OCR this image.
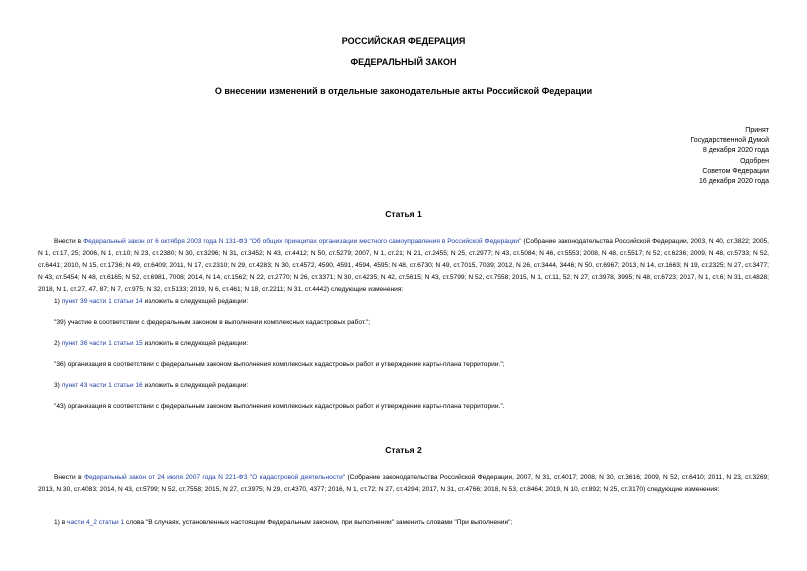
РОССИЙСКАЯ ФЕДЕРАЦИЯ
ФЕДЕРАЛЬНЫЙ ЗАКОН
О внесении изменений в отдельные законодательные акты Российской Федерации
Принят
Государственной Думой
8 декабря 2020 года
Одобрен
Советом Федерации
16 декабря 2020 года
Статья 1
Внести в Федеральный закон от 6 октября 2003 года N 131-ФЗ "Об общих принципах организации местного самоуправления в Российской Федерации" (Собрание законодательства Российской Федерации, 2003, N 40, ст.3822; 2005, N 1, ст.17, 25; 2006, N 1, ст.10; N 23, ст.2380; N 30, ст.3296; N 31, ст.3452; N 43, ст.4412; N 50, ст.5279; 2007, N 1, ст.21; N 21, ст.2455; N 25, ст.2977; N 43, ст.5084; N 46, ст.5553; 2008, N 48, ст.5517; N 52, ст.6236; 2009, N 48, ст.5733; N 52, ст.6441; 2010, N 15, ст.1736; N 49, ст.6409; 2011, N 17, ст.2310; N 29, ст.4283; N 30, ст.4572, 4590, 4591, 4594, 4595; N 48, ст.6730; N 49, ст.7015, 7039; 2012, N 26, ст.3444, 3446; N 50, ст.6967; 2013, N 14, ст.1663; N 19, ст.2325; N 27, ст.3477; N 43, ст.5454; N 48, ст.6165; N 52, ст.6981, 7008; 2014, N 14, ст.1562; N 22, ст.2770; N 26, ст.3371; N 30, ст.4235; N 42, ст.5615; N 43, ст.5799; N 52, ст.7558; 2015, N 1, ст.11, 52; N 27, ст.3978, 3995; N 48, ст.6723; 2017, N 1, ст.6; N 31, ст.4828; 2018, N 1, ст.27, 47, 87; N 7, ст.975; N 32, ст.5133; 2019, N 6, ст.461; N 18, ст.2211; N 31, ст.4442) следующие изменения:
1) пункт 39 части 1 статьи 14 изложить в следующей редакции:
"39) участие в соответствии с федеральным законом в выполнении комплексных кадастровых работ.";
2) пункт 36 части 1 статьи 15 изложить в следующей редакции:
"36) организация в соответствии с федеральным законом выполнения комплексных кадастровых работ и утверждение карты-плана территории.";
3) пункт 43 части 1 статьи 16 изложить в следующей редакции:
"43) организация в соответствии с федеральным законом выполнения комплексных кадастровых работ и утверждение карты-плана территории.".
Статья 2
Внести в Федеральный закон от 24 июля 2007 года N 221-ФЗ "О кадастровой деятельности" (Собрание законодательства Российской Федерации, 2007, N 31, ст.4017; 2008, N 30, ст.3616; 2009, N 52, ст.6410; 2011, N 23, ст.3269; 2013, N 30, ст.4083; 2014, N 43, ст.5799; N 52, ст.7558; 2015, N 27, ст.3975; N 29, ст.4370, 4377; 2016, N 1, ст.72; N 27, ст.4294; 2017, N 31, ст.4766; 2018, N 53, ст.8464; 2019, N 10, ст.892; N 25, ст.3170) следующие изменения:
1) в части 4_2 статьи 1 слова "В случаях, установленных настоящим Федеральным законом, при выполнении" заменить словами "При выполнении";
